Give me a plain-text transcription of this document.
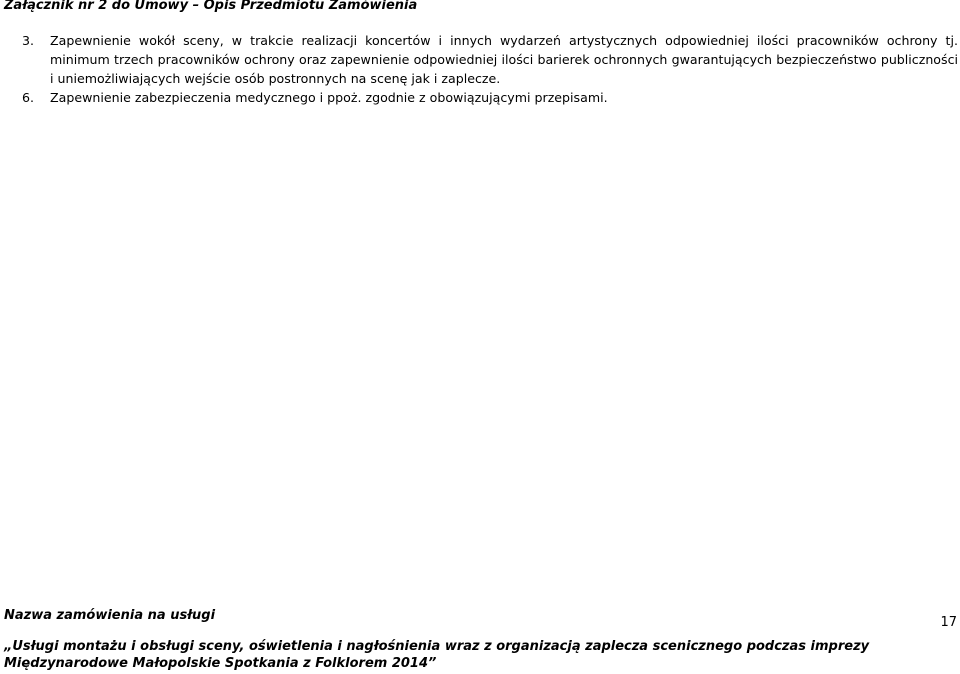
Załącznik nr 2 do Umowy – Opis Przedmiotu Zamówienia
3.	Zapewnienie wokół sceny, w trakcie realizacji koncertów i innych wydarzeń artystycznych odpowiedniej ilości pracowników ochrony tj. minimum trzech pracowników ochrony oraz zapewnienie odpowiedniej ilości barierek ochronnych gwarantujących bezpieczeństwo publiczności i uniemożliwiających wejście osób postronnych na scenę jak i zaplecze.
6.	Zapewnienie zabezpieczenia medycznego i ppoż. zgodnie z obowiązującymi przepisami.
Nazwa zamówienia na usługi	17
„Usługi montażu i obsługi sceny, oświetlenia i nagłośnienia wraz z organizacją zaplecza scenicznego podczas imprezy Międzynarodowe Małopolskie Spotkania z Folklorem 2014”
